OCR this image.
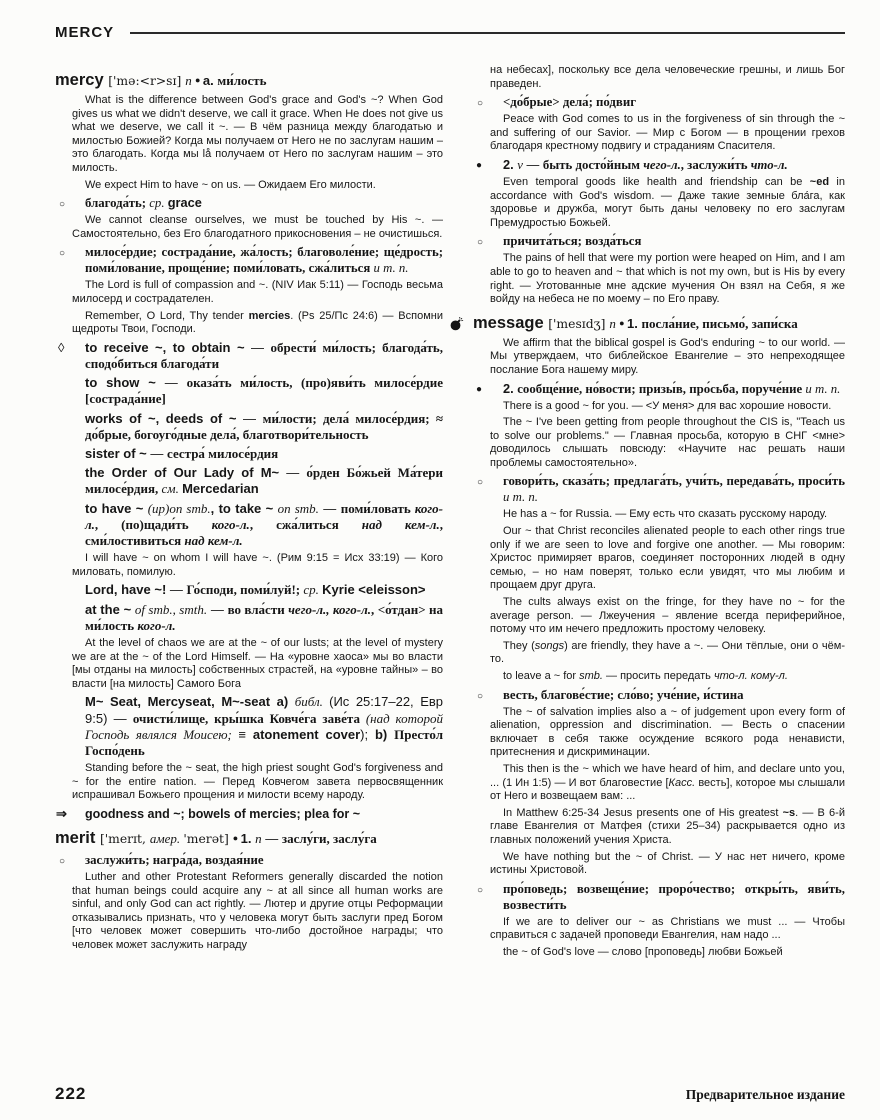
MERCY
mercy ['mə:<r>sɪ] n ● a. ми́лость
What is the difference between God's grace and God's ~? When God gives us what we didn't deserve, we call it grace. When He does not give us what we deserve, we call it ~. — В чём разница между благодатью и милостью Божией? Когда мы получаем от Него не по заслугам нашим – это благодать. Когда мы lå получаем от Него по заслугам нашим – это милость.
We expect Him to have ~ on us. — Ожидаем Его милости.
○ благода́ть; ср. grace
We cannot cleanse ourselves, we must be touched by His ~. — Самостоятельно, без Его благодатного прикосновения – не очистишься.
○ милосе́рдие; сострада́ние, жа́лость; благоволе́ние; ще́дрость; поми́лование, проще́ние; поми́ловать, сжа́литься и т. п.
The Lord is full of compassion and ~. (NIV Иак 5:11) — Господь весьма милосерд и сострадателен.
Remember, O Lord, Thy tender mercies. (Ps 25/Пс 24:6) — Вспомни щедроты Твои, Господи.
◊ to receive ~, to obtain ~ — обрести́ ми́лость; благода́ть, сподо́биться благода́ти
to show ~ — оказа́ть ми́лость, (про)яви́ть милосе́рдие [сострада́ние]
works of ~, deeds of ~ — ми́лости; дела́ милосе́рдия; ≈ до́брые, богоуго́дные дела́, благотвори́тельность
sister of ~ — сестра́ милосе́рдия
the Order of Our Lady of M~ — о́рден Бо́жьей Ма́тери милосе́рдия, см. Mercedarian
to have ~ (up)on smb., to take ~ on smb. — поми́ловать кого-л., (по)щади́ть кого-л., сжа́литься над кем-л., сми́лостивиться над кем-л.
I will have ~ on whom I will have ~. (Рим 9:15 = Исх 33:19) — Кого миловать, помилую.
Lord, have ~! — Го́споди, поми́луй!; ср. Kyrie <eleisson>
at the ~ of smb., smth. — во вла́сти чего-л., кого-л., <о́тдан> на ми́лость кого-л.
At the level of chaos we are at the ~ of our lusts; at the level of mystery we are at the ~ of the Lord Himself. — На «уровне хаоса» мы во власти [мы отданы на милость] собственных страстей, на «уровне тайны» – во власти [на милость] Самого Бога
M~ Seat, Mercyseat, M~-seat a) библ. (Ис 25:17–22, Евр 9:5) — очисти́лище, кры́шка Ковче́га заве́та (над которой Господь являлся Моисею; ≡ atonement cover); b) Престо́л Госпо́день
Standing before the ~ seat, the high priest sought God's forgiveness and ~ for the entire nation. — Перед Ковчегом завета первосвященник испрашивал Божьего прощения и милости всему народу.
⇒ goodness and ~; bowels of mercies; plea for ~
merit ['merɪt, амер. 'merət] ● 1. n — заслу́ги, заслу́га
○ заслужи́ть; награ́да, воздая́ние
Luther and other Protestant Reformers generally discarded the notion that human beings could acquire any ~ at all since all human works are sinful, and only God can act rightly. — Лютер и другие отцы Реформации отказывались признать, что у человека могут быть заслуги пред Богом [что человек может совершить что-либо достойное награды; что человек может заслужить награду
на небесах], поскольку все дела человеческие грешны, и лишь Бог праведен.
○ <до́брые> дела́; по́двиг
Peace with God comes to us in the forgiveness of sin through the ~ and suffering of our Savior. — Мир с Богом — в прощении грехов благодаря крестному подвигу и страданиям Спасителя.
● 2. v — быть досто́йным чего-л., заслужи́ть что-л.
Even temporal goods like health and friendship can be ~ed in accordance with God's wisdom. — Даже такие земные бла́га, как здоровье и дружба, могут быть даны человеку по его заслугам Премудростью Божьей.
○ причита́ться; возда́ться
The pains of hell that were my portion were heaped on Him, and I am able to go to heaven and ~ that which is not my own, but is His by every right. — Уготованные мне адские мучения Он взял на Себя, я же войду на небеса не по моему – по Его праву.
message ['mesɪdʒ] n ● 1. посла́ние, письмо́, запи́ска
We affirm that the biblical gospel is God's enduring ~ to our world. — Мы утверждаем, что библейское Евангелие – это непреходящее послание Бога нашему миру.
● 2. сообще́ние, но́вости; призы́в, про́сьба, поруче́ние и т. п.
There is a good ~ for you. — <У меня> для вас хорошие новости.
The ~ I've been getting from people throughout the CIS is, "Teach us to solve our problems." — Главная просьба, которую в СНГ <мне> доводилось слышать повсюду: «Научите нас решать наши проблемы самостоятельно».
○ говори́ть, сказа́ть; предлага́ть, учи́ть, передава́ть, проси́ть и т. п.
He has a ~ for Russia. — Ему есть что сказать русскому народу.
Our ~ that Christ reconciles alienated people to each other rings true only if we are seen to love and forgive one another. — Мы говорим: Христос примиряет врагов, соединяет посторонних людей в одну семью, – но нам поверят, только если увидят, что мы любим и прощаем друг друга.
The cults always exist on the fringe, for they have no ~ for the average person. — Лжеучения – явление всегда периферийное, потому что им нечего предложить простому человеку.
They (songs) are friendly, they have a ~. — Они тёплые, они о чём-то.
to leave a ~ for smb. — просить передать что-л. кому-л.
○ весть, благове́стие; сло́во; уче́ние, и́стина
The ~ of salvation implies also a ~ of judgement upon every form of alienation, oppression and discrimination. — Весть о спасении включает в себя также осуждение всякого рода ненависти, притеснения и дискриминации.
This then is the ~ which we have heard of him, and declare unto you, ... (1 Ин 1:5) — И вот благовестие [Касс. весть], которое мы слышали от Него и возвещаем вам: ...
In Matthew 6:25-34 Jesus presents one of His greatest ~s. — В 6-й главе Евангелия от Матфея (стихи 25–34) раскрывается одно из главных положений учения Христа.
We have nothing but the ~ of Christ. — У нас нет ничего, кроме истины Христовой.
○ про́поведь; возвеще́ние; проро́чество; откры́ть, яви́ть, возвести́ть
If we are to deliver our ~ as Christians we must ... — Чтобы справиться с задачей проповеди Евангелия, нам надо ...
the ~ of God's love — слово [проповедь] любви Божьей
222	Предварительное издание
